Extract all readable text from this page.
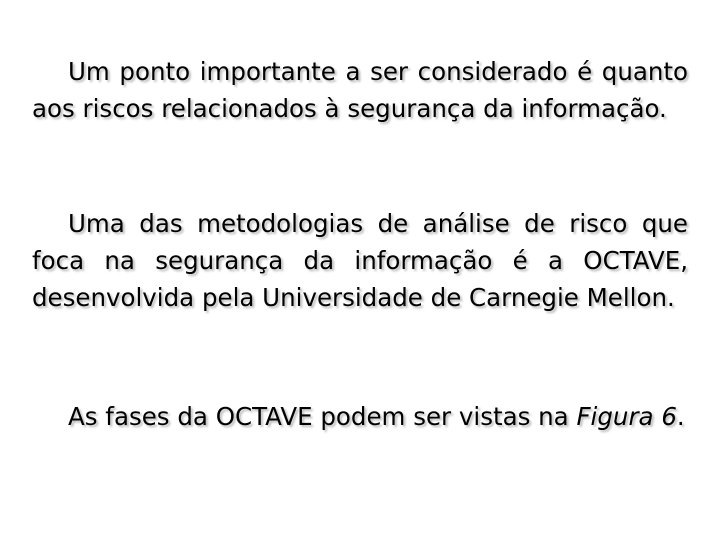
Um ponto importante a ser considerado é quanto aos riscos relacionados à segurança da informação.

Uma das metodologias de análise de risco que foca na segurança da informação é a OCTAVE, desenvolvida pela Universidade de Carnegie Mellon.

As fases da OCTAVE podem ser vistas na Figura 6.
